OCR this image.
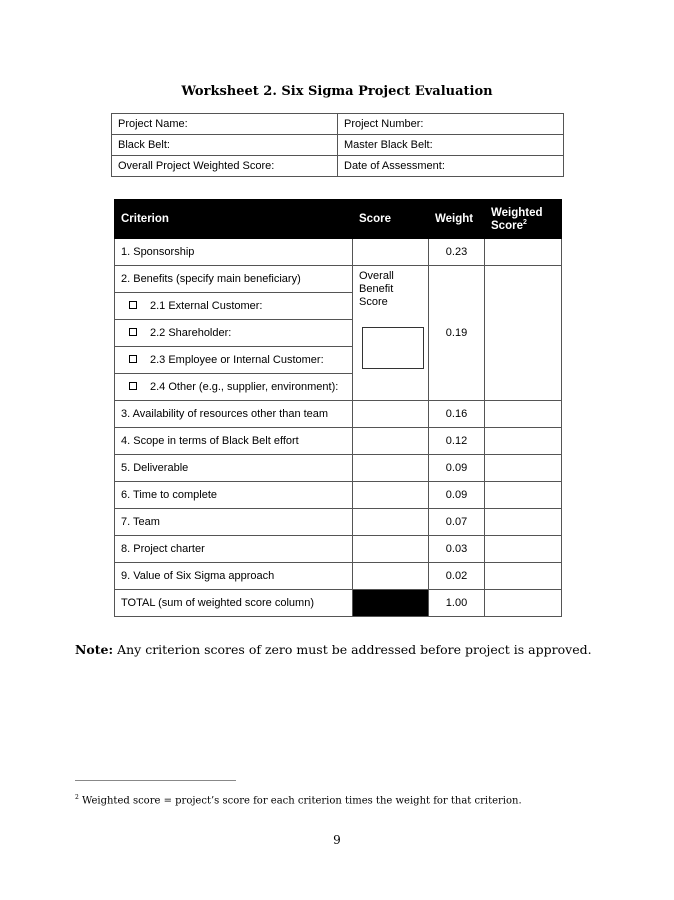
Worksheet 2. Six Sigma Project Evaluation
Project Name:	Project Number:
Black Belt:	Master Black Belt:
Overall Project Weighted Score:	Date of Assessment:
Criterion	Score	Weight	Weighted Score$^2$
1. Sponsorship		0.23	
2. Benefits (specify main beneficiary)	Overall Benefit Score	0.19	
2.1 External Customer:			
2.2 Shareholder:			
2.3 Employee or Internal Customer:			
2.4 Other (e.g., supplier, environment):			
3. Availability of resources other than team		0.16	
4. Scope in terms of Black Belt effort		0.12	
5. Deliverable		0.09	
6. Time to complete		0.09	
7. Team		0.07	
8. Project charter		0.03	
9. Value of Six Sigma approach		0.02	
TOTAL (sum of weighted score column)		1.00	
Note: Any criterion scores of zero must be addressed before project is approved.
$^2$ Weighted score = project’s score for each criterion times the weight for that criterion.
9
